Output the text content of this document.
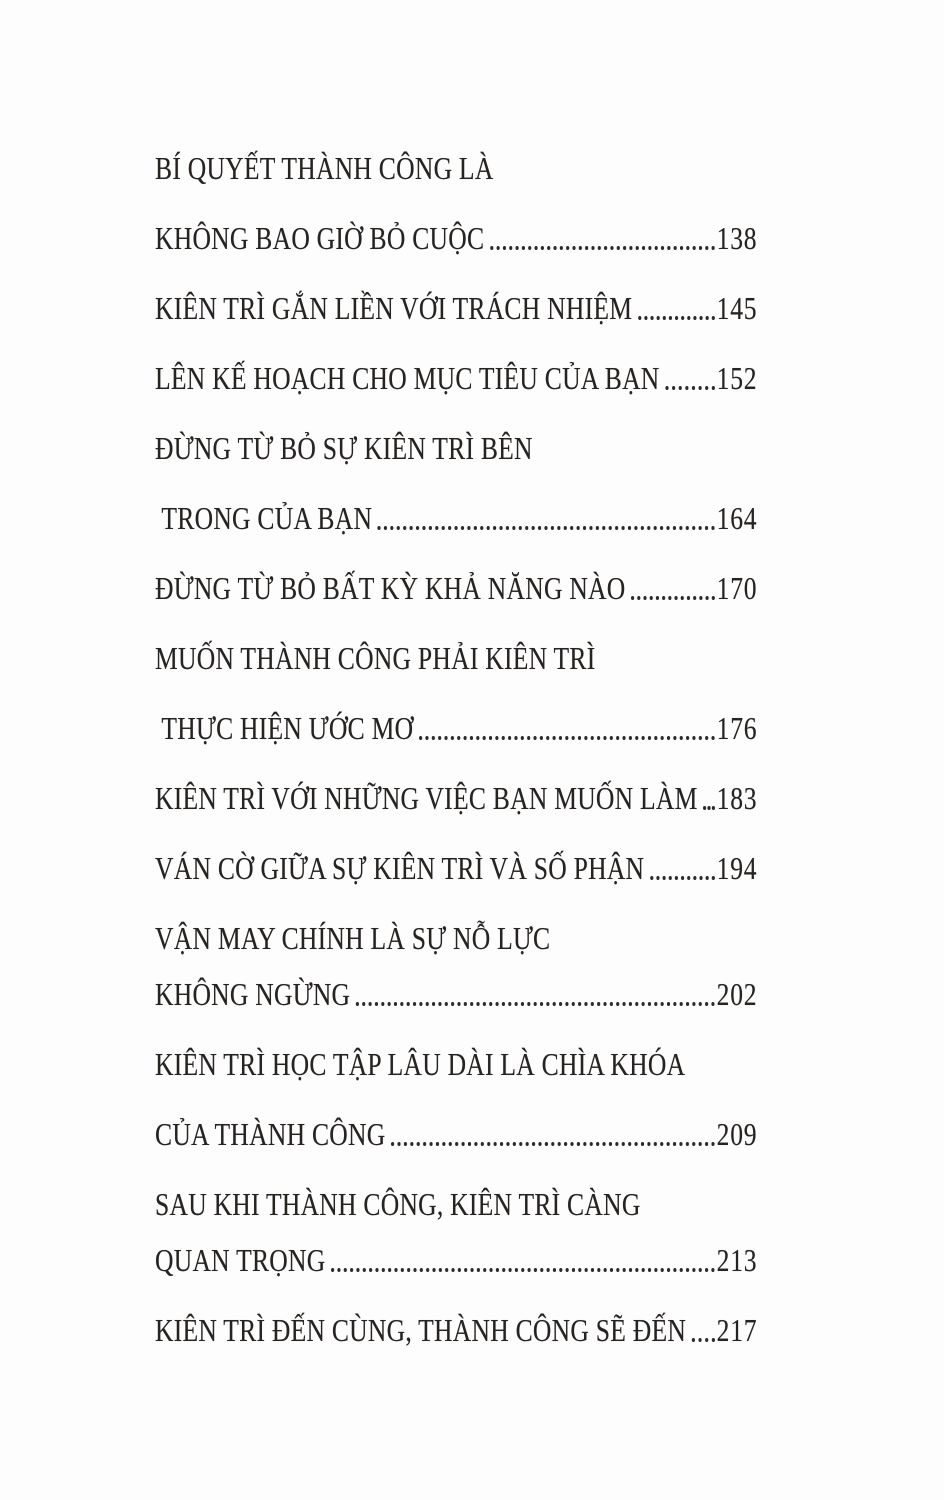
BÍ QUYẾT THÀNH CÔNG LÀ
KHÔNG BAO GIỜ BỎ CUỘC	138
KIÊN TRÌ GẮN LIỀN VỚI TRÁCH NHIỆM	145
LÊN KẾ HOẠCH CHO MỤC TIÊU CỦA BẠN 152
ĐỪNG TỪ BỎ SỰ KIÊN TRÌ BÊN
TRONG CỦA BẠN	164
ĐỪNG TỪ BỎ BẤT KỲ KHẢ NĂNG NÀO	170
MUỐN THÀNH CÔNG PHẢI KIÊN TRÌ
THỰC HIỆN ƯỚC MƠ	176
KIÊN TRÌ VỚI NHỮNG VIỆC BẠN MUỐN LÀM 183
VÁN CỜ GIỮA SỰ KIÊN TRÌ VÀ SỐ PHẬN 194
VẬN MAY CHÍNH LÀ SỰ NỖ LỰC
KHÔNG NGỪNG	202
KIÊN TRÌ HỌC TẬP LÂU DÀI LÀ CHÌA KHÓA
CỦA THÀNH CÔNG	209
SAU KHI THÀNH CÔNG, KIÊN TRÌ CÀNG
QUAN TRỌNG	213
KIÊN TRÌ ĐẾN CÙNG, THÀNH CÔNG SẼ ĐẾN 217
